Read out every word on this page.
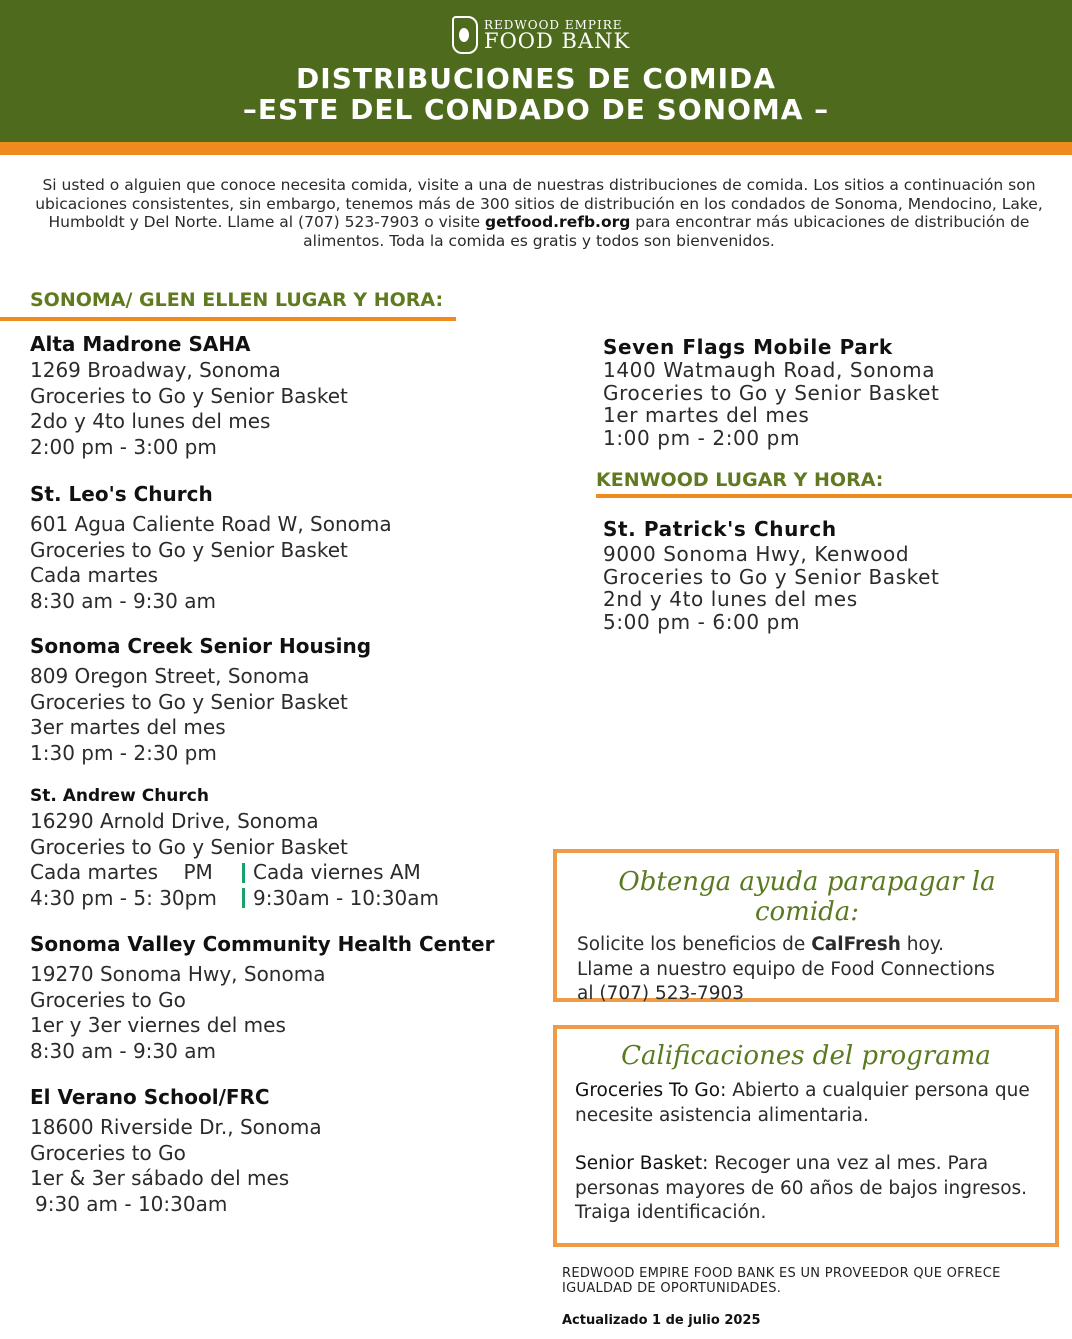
REDWOOD EMPIRE
FOOD BANK
DISTRIBUCIONES DE COMIDA
–ESTE DEL CONDADO DE SONOMA –
Si usted o alguien que conoce necesita comida, visite a una de nuestras distribuciones de comida. Los sitios a continuación son ubicaciones consistentes, sin embargo, tenemos más de 300 sitios de distribución en los condados de Sonoma, Mendocino, Lake, Humboldt y Del Norte. Llame al (707) 523-7903 o visite getfood.refb.org para encontrar más ubicaciones de distribución de alimentos. Toda la comida es gratis y todos son bienvenidos.
SONOMA/ GLEN ELLEN LUGAR Y HORA:
Alta Madrone SAHA
1269 Broadway, Sonoma
Groceries to Go y Senior Basket
2do y 4to lunes del mes
2:00 pm - 3:00 pm
St. Leo's Church
601 Agua Caliente Road W, Sonoma
Groceries to Go y Senior Basket
Cada martes
8:30 am - 9:30 am
Sonoma Creek Senior Housing
809 Oregon Street, Sonoma
Groceries to Go y Senior Basket
3er martes del mes
1:30 pm - 2:30 pm
St. Andrew Church
16290 Arnold Drive, Sonoma
Groceries to Go y Senior Basket
Cada martes    PM	Cada viernes AM
4:30 pm - 5: 30pm	9:30am - 10:30am
Sonoma Valley Community Health Center
19270 Sonoma Hwy, Sonoma
Groceries to Go
1er y 3er viernes del mes
8:30 am - 9:30 am
El Verano School/FRC
18600 Riverside Dr., Sonoma
Groceries to Go
1er & 3er sábado del mes
9:30 am - 10:30am
Seven Flags Mobile Park
1400 Watmaugh Road, Sonoma
Groceries to Go y Senior Basket
1er martes del mes
1:00 pm - 2:00 pm
KENWOOD LUGAR Y HORA:
St. Patrick's Church
9000 Sonoma Hwy, Kenwood
Groceries to Go y Senior Basket
2nd y 4to lunes del mes
5:00 pm - 6:00 pm
Obtenga ayuda parapagar la comida:
Solicite los beneficios de CalFresh hoy.
Llame a nuestro equipo de Food Connections
al (707) 523-7903
Calificaciones del programa
Groceries To Go: Abierto a cualquier persona que necesite asistencia alimentaria.
Senior Basket: Recoger una vez al mes. Para personas mayores de 60 años de bajos ingresos. Traiga identificación.
REDWOOD EMPIRE FOOD BANK ES UN PROVEEDOR QUE OFRECE IGUALDAD DE OPORTUNIDADES.
Actualizado 1 de julio 2025
